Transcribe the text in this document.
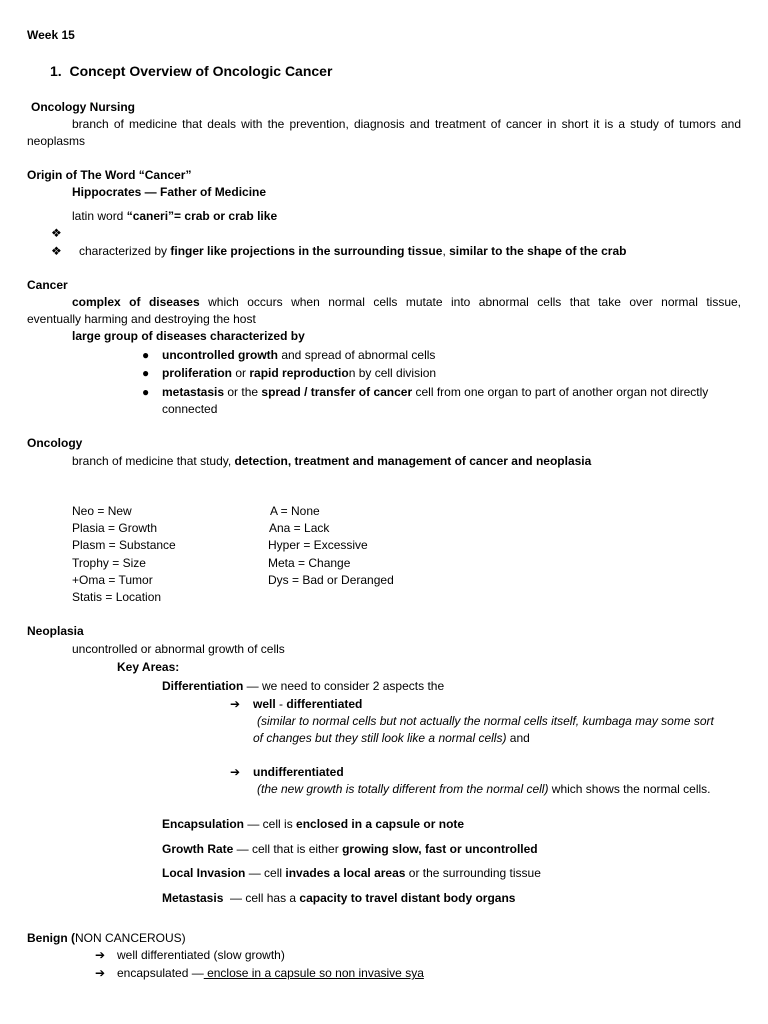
Week 15
1. Concept Overview of Oncologic Cancer
Oncology Nursing
branch of medicine that deals with the prevention, diagnosis and treatment of cancer in short it is a study of tumors and
neoplasms
Origin of The Word “Cancer”
Hippocrates — Father of Medicine
latin word “caneri”= crab or crab like
❖
❖ characterized by finger like projections in the surrounding tissue, similar to the shape of the crab
Cancer
complex of diseases which occurs when normal cells mutate into abnormal cells that take over normal tissue,
eventually harming and destroying the host
large group of diseases characterized by
● uncontrolled growth and spread of abnormal cells
● proliferation or rapid reproduction by cell division
● metastasis or the spread / transfer of cancer cell from one organ to part of another organ not directly
connected
Oncology
branch of medicine that study, detection, treatment and management of cancer and neoplasia
Neo = New
Plasia = Growth
Plasm = Substance
Trophy = Size
+Oma = Tumor
Statis = Location
A = None
Ana = Lack
Hyper = Excessive
Meta = Change
Dys = Bad or Deranged
Neoplasia
uncontrolled or abnormal growth of cells
Key Areas:
Differentiation — we need to consider 2 aspects the
➔ well - differentiated
(similar to normal cells but not actually the normal cells itself, kumbaga may some sort
of changes but they still look like a normal cells) and
➔ undifferentiated
(the new growth is totally different from the normal cell) which shows the normal cells.
Encapsulation — cell is enclosed in a capsule or note
Growth Rate — cell that is either growing slow, fast or uncontrolled
Local Invasion — cell invades a local areas or the surrounding tissue
Metastasis  — cell has a capacity to travel distant body organs
Benign (NON CANCEROUS)
➔ well differentiated (slow growth)
➔ encapsulated — enclose in a capsule so non invasive sya
